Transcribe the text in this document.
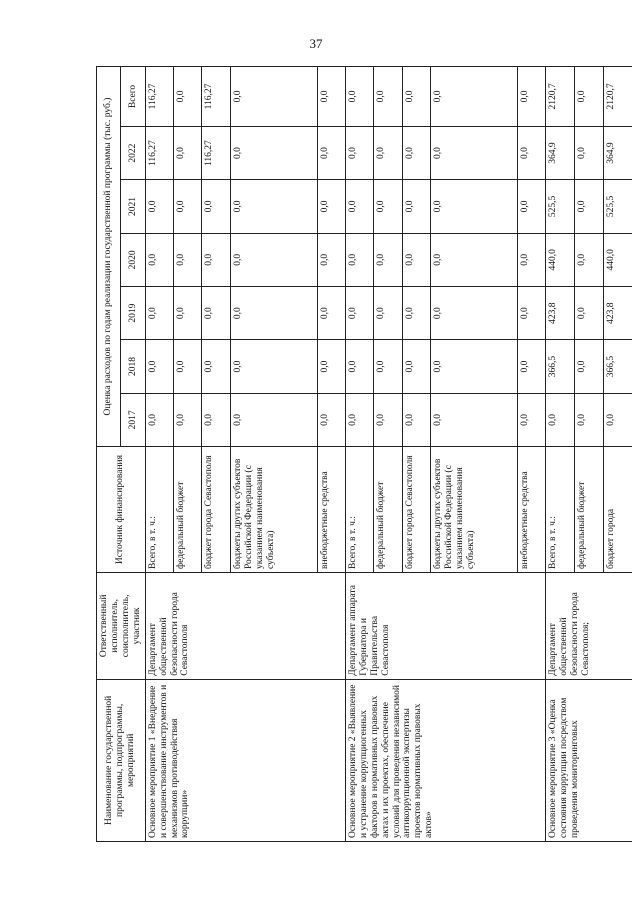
37
Наименование государственной программы, подпрограммы, мероприятий	Ответственный исполнитель, соисполнитель, участник	Источник финансирования	Оценка расходов по годам реализации государственной программы (тыс. руб.)						
			2017	2018	2019	2020	2021	2022	Всего
Основное мероприятие 1 «Внедрение и совершенствование инструментов и механизмов противодействия коррупции»	Департамент общественной безопасности города Севастополя	Всего, в т. ч.:	0,0	0,0	0,0	0,0	0,0	116,27	116,27
		федеральный бюджет	0,0	0,0	0,0	0,0	0,0	0,0	0,0
		бюджет города Севастополя	0,0	0,0	0,0	0,0	0,0	116,27	116,27
		бюджеты других субъектов Российской Федерации (с указанием наименования субъекта)	0,0	0,0	0,0	0,0	0,0	0,0	0,0
		внебюджетные средства	0,0	0,0	0,0	0,0	0,0	0,0	0,0
Основное мероприятие 2 «Выявление и устранение коррупциогенных факторов в нормативных правовых актах и их проектах, обеспечение условий для проведения независимой антикоррупционной экспертизы проектов нормативных правовых актов»	Департамент аппарата Губернатора и Правительства Севастополя	Всего, в т. ч.:	0,0	0,0	0,0	0,0	0,0	0,0	0,0
		федеральный бюджет	0,0	0,0	0,0	0,0	0,0	0,0	0,0
		бюджет города Севастополя	0,0	0,0	0,0	0,0	0,0	0,0	0,0
		бюджеты других субъектов Российской Федерации (с указанием наименования субъекта)	0,0	0,0	0,0	0,0	0,0	0,0	0,0
		внебюджетные средства	0,0	0,0	0,0	0,0	0,0	0,0	0,0
Основное мероприятие 3 «Оценка состояния коррупции посредством проведения мониторинговых	Департамент общественной безопасности города Севастополя;	Всего, в т. ч.:	0,0	366,5	423,8	440,0	525,5	364,9	2120,7
		федеральный бюджет	0,0	0,0	0,0	0,0	0,0	0,0	0,0
		бюджет города	0,0	366,5	423,8	440,0	525,5	364,9	2120,7
